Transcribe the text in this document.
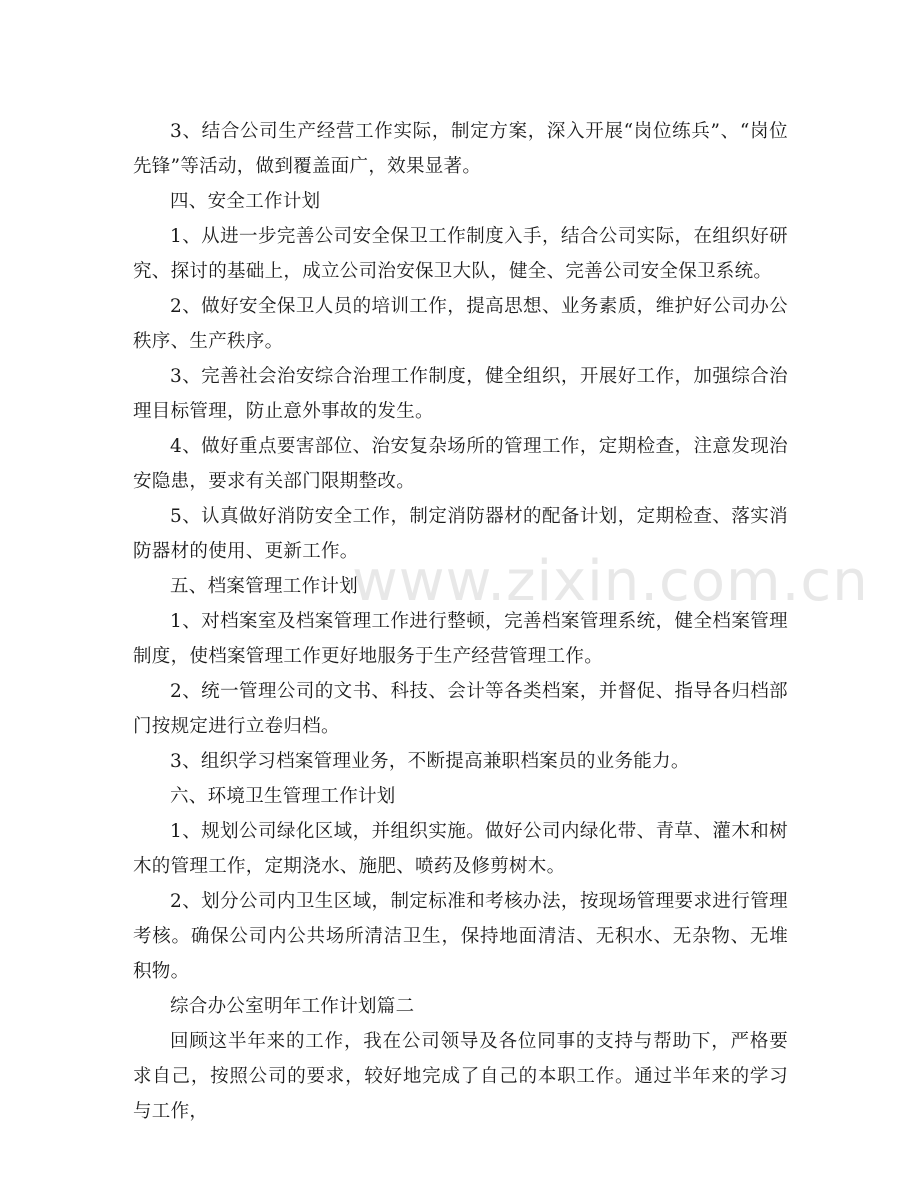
3、结合公司生产经营工作实际，制定方案，深入开展“岗位练兵”、“岗位先锋”等活动，做到覆盖面广，效果显著。

四、安全工作计划

1、从进一步完善公司安全保卫工作制度入手，结合公司实际，在组织好研究、探讨的基础上，成立公司治安保卫大队，健全、完善公司安全保卫系统。

2、做好安全保卫人员的培训工作，提高思想、业务素质，维护好公司办公秩序、生产秩序。

3、完善社会治安综合治理工作制度，健全组织，开展好工作，加强综合治理目标管理，防止意外事故的发生。

4、做好重点要害部位、治安复杂场所的管理工作，定期检查，注意发现治安隐患，要求有关部门限期整改。

5、认真做好消防安全工作，制定消防器材的配备计划，定期检查、落实消防器材的使用、更新工作。

五、档案管理工作计划

1、对档案室及档案管理工作进行整顿，完善档案管理系统，健全档案管理制度，使档案管理工作更好地服务于生产经营管理工作。

2、统一管理公司的文书、科技、会计等各类档案，并督促、指导各归档部门按规定进行立卷归档。

3、组织学习档案管理业务，不断提高兼职档案员的业务能力。

六、环境卫生管理工作计划

1、规划公司绿化区域，并组织实施。做好公司内绿化带、青草、灌木和树木的管理工作，定期浇水、施肥、喷药及修剪树木。

2、划分公司内卫生区域，制定标准和考核办法，按现场管理要求进行管理考核。确保公司内公共场所清洁卫生，保持地面清洁、无积水、无杂物、无堆积物。

综合办公室明年工作计划篇二

回顾这半年来的工作，我在公司领导及各位同事的支持与帮助下，严格要求自己，按照公司的要求，较好地完成了自己的本职工作。通过半年来的学习与工作，

www.zixin.com.cn
